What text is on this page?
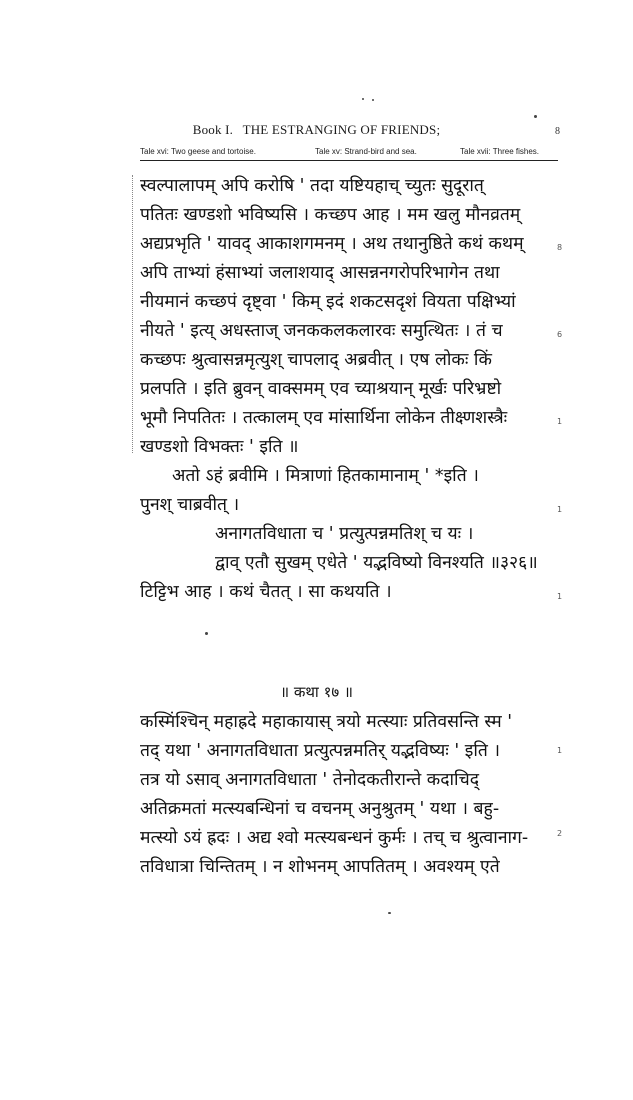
Book I. THE ESTRANGING OF FRIENDS;	8
Tale xvi: Two geese and tortoise.	Tale xv: Strand-bird and sea.	Tale xvii: Three fishes.
स्वल्पालापम् अपि करोषि ' तदा यष्टियहाच् च्युतः सुदूरात्
पतितः खण्डशो भविष्यसि । कच्छप आह । मम खलु मौनव्रतम्
अद्यप्रभृति ' यावद् आकाशगमनम् । अथ तथानुष्ठिते कथं कथम्
अपि ताभ्यां हंसाभ्यां जलाशयाद् आसन्ननगरोपरिभागेन तथा
नीयमानं कच्छपं दृष्ट्वा ' किम् इदं शकटसदृशं वियता पक्षिभ्यां
नीयते ' इत्य् अधस्ताज् जनककलकलारवः समुत्थितः । तं च
कच्छपः श्रुत्वासन्नमृत्युश् चापलाद् अब्रवीत् । एष लोकः किं
प्रलपति । इति ब्रुवन् वाक्समम् एव च्याश्रयान् मूर्खः परिभ्रष्टो
भूमौ निपतितः । तत्कालम् एव मांसार्थिना लोकेन तीक्ष्णशस्त्रैः
खण्डशो विभक्तः ' इति ॥
अतो ऽहं ब्रवीमि । मित्राणां हितकामानाम् ' *इति ।
पुनश् चाब्रवीत् ।
अनागतविधाता च ' प्रत्युत्पन्नमतिश् च यः ।
द्वाव् एतौ सुखम् एधेते ' यद्भविष्यो विनश्यति ॥३२६॥
टिट्टिभ आह । कथं चैतत् । सा कथयति ।
॥ कथा १७ ॥
कस्मिंश्चिन् महाह्रदे महाकायास् त्रयो मत्स्याः प्रतिवसन्ति स्म '
तद् यथा ' अनागतविधाता प्रत्युत्पन्नमतिर् यद्भविष्यः ' इति ।
तत्र यो ऽसाव् अनागतविधाता ' तेनोदकतीरान्ते कदाचिद्
अतिक्रमतां मत्स्यबन्धिनां च वचनम् अनुश्रुतम् ' यथा । बहु-
मत्स्यो ऽयं ह्रदः । अद्य श्वो मत्स्यबन्धनं कुर्मः । तच् च श्रुत्वानाग-
तविधात्रा चिन्तितम् । न शोभनम् आपतितम् । अवश्यम् एते
8
6
1
1
1
1
2
